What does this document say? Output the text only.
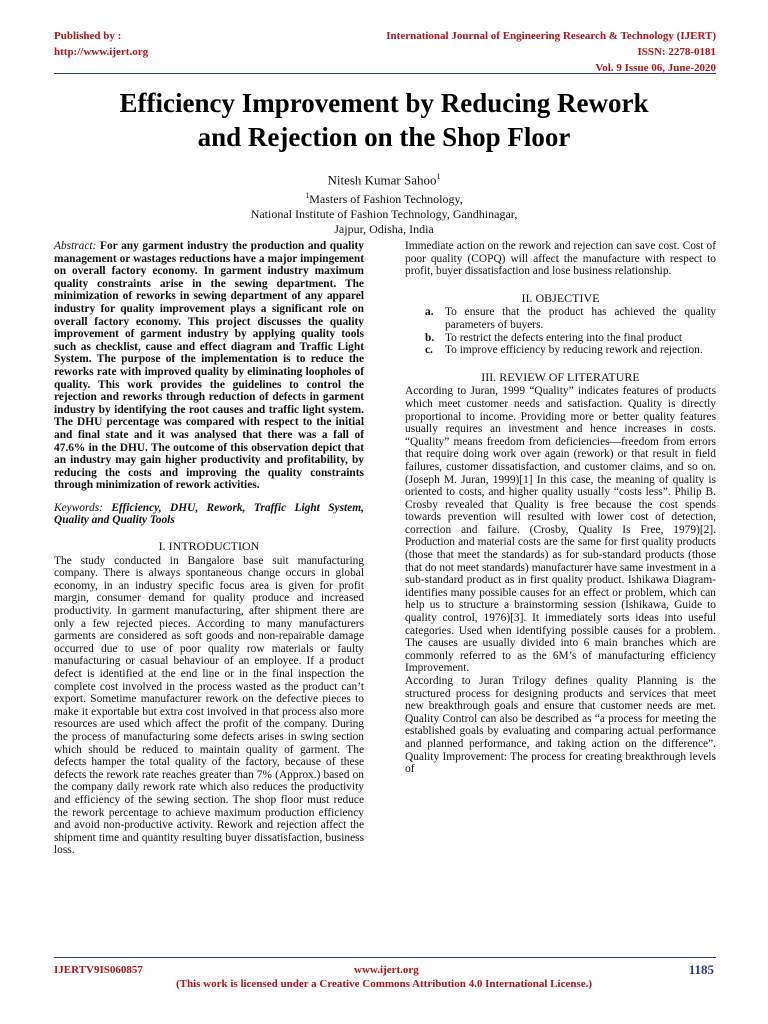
Published by :
http://www.ijert.org
International Journal of Engineering Research & Technology (IJERT)
ISSN: 2278-0181
Vol. 9 Issue 06, June-2020
Efficiency Improvement by Reducing Rework
and Rejection on the Shop Floor
Nitesh Kumar Sahoo$^1$
$^1$Masters of Fashion Technology,
National Institute of Fashion Technology, Gandhinagar,
Jajpur, Odisha, India

Abstract: For any garment industry the production and quality management or wastages reductions have a major impingement on overall factory economy. In garment industry maximum quality constraints arise in the sewing department. The minimization of reworks in sewing department of any apparel industry for quality improvement plays a significant role on overall factory economy. This project discusses the quality improvement of garment industry by applying quality tools such as checklist, cause and effect diagram and Traffic Light System. The purpose of the implementation is to reduce the reworks rate with improved quality by eliminating loopholes of quality. This work provides the guidelines to control the rejection and reworks through reduction of defects in garment industry by identifying the root causes and traffic light system. The DHU percentage was compared with respect to the initial and final state and it was analysed that there was a fall of 47.6% in the DHU. The outcome of this observation depict that an industry may gain higher productivity and profitability, by reducing the costs and improving the quality constraints through minimization of rework activities.

Keywords: Efficiency, DHU, Rework, Traffic Light System, Quality and Quality Tools

I. INTRODUCTION

The study conducted in Bangalore base suit manufacturing company. There is always spontaneous change occurs in global economy, in an industry specific focus area is given for profit margin, consumer demand for quality produce and increased productivity. In garment manufacturing, after shipment there are only a few rejected pieces. According to many manufacturers garments are considered as soft goods and non-repairable damage occurred due to use of poor quality row materials or faulty manufacturing or casual behaviour of an employee. If a product defect is identified at the end line or in the final inspection the complete cost involved in the process wasted as the product can’t export. Sometime manufacturer rework on the defective pieces to make it exportable but extra cost involved in that process also more resources are used which affect the profit of the company. During the process of manufacturing some defects arises in swing section which should be reduced to maintain quality of garment. The defects hamper the total quality of the factory, because of these defects the rework rate reaches greater than 7% (Approx.) based on the company daily rework rate which also reduces the productivity and efficiency of the sewing section. The shop floor must reduce the rework percentage to achieve maximum production efficiency and avoid non-productive activity. Rework and rejection affect the shipment time and quantity resulting buyer dissatisfaction, business loss.

Immediate action on the rework and rejection can save cost. Cost of poor quality (COPQ) will affect the manufacture with respect to profit, buyer dissatisfaction and lose business relationship.

II. OBJECTIVE
a.	To ensure that the product has achieved the quality parameters of buyers.
b. To restrict the defects entering into the final product
c.	To improve efficiency by reducing rework and rejection.
III. REVIEW OF LITERATURE

According to Juran, 1999 “Quality” indicates features of products which meet customer needs and satisfaction. Quality is directly proportional to income. Providing more or better quality features usually requires an investment and hence increases in costs. “Quality” means freedom from deficiencies—freedom from errors that require doing work over again (rework) or that result in field failures, customer dissatisfaction, and customer claims, and so on. (Joseph M. Juran, 1999)[1] In this case, the meaning of quality is oriented to costs, and higher quality usually “costs less”. Philip B. Crosby revealed that Quality is free because the cost spends towards prevention will resulted with lower cost of detection, correction and failure. (Crosby, Quality Is Free, 1979)[2]. Production and material costs are the same for first quality products (those that meet the standards) as for sub-standard products (those that do not meet standards) manufacturer have same investment in a sub-standard product as in first quality product. Ishikawa Diagram-identifies many possible causes for an effect or problem, which can help us to structure a brainstorming session (Ishikawa, Guide to quality control, 1976)[3]. It immediately sorts ideas into useful categories. Used when identifying possible causes for a problem. The causes are usually divided into 6 main branches which are commonly referred to as the 6M’s of manufacturing efficiency Improvement.

According to Juran Trilogy defines quality Planning is the structured process for designing products and services that meet new breakthrough goals and ensure that customer needs are met. Quality Control can also be described as “a process for meeting the established goals by evaluating and comparing actual performance and planned performance, and taking action on the difference”. Quality Improvement: The process for creating breakthrough levels of

IJERTV9IS060857	www.ijert.org	1185
(This work is licensed under a Creative Commons Attribution 4.0 International License.)
